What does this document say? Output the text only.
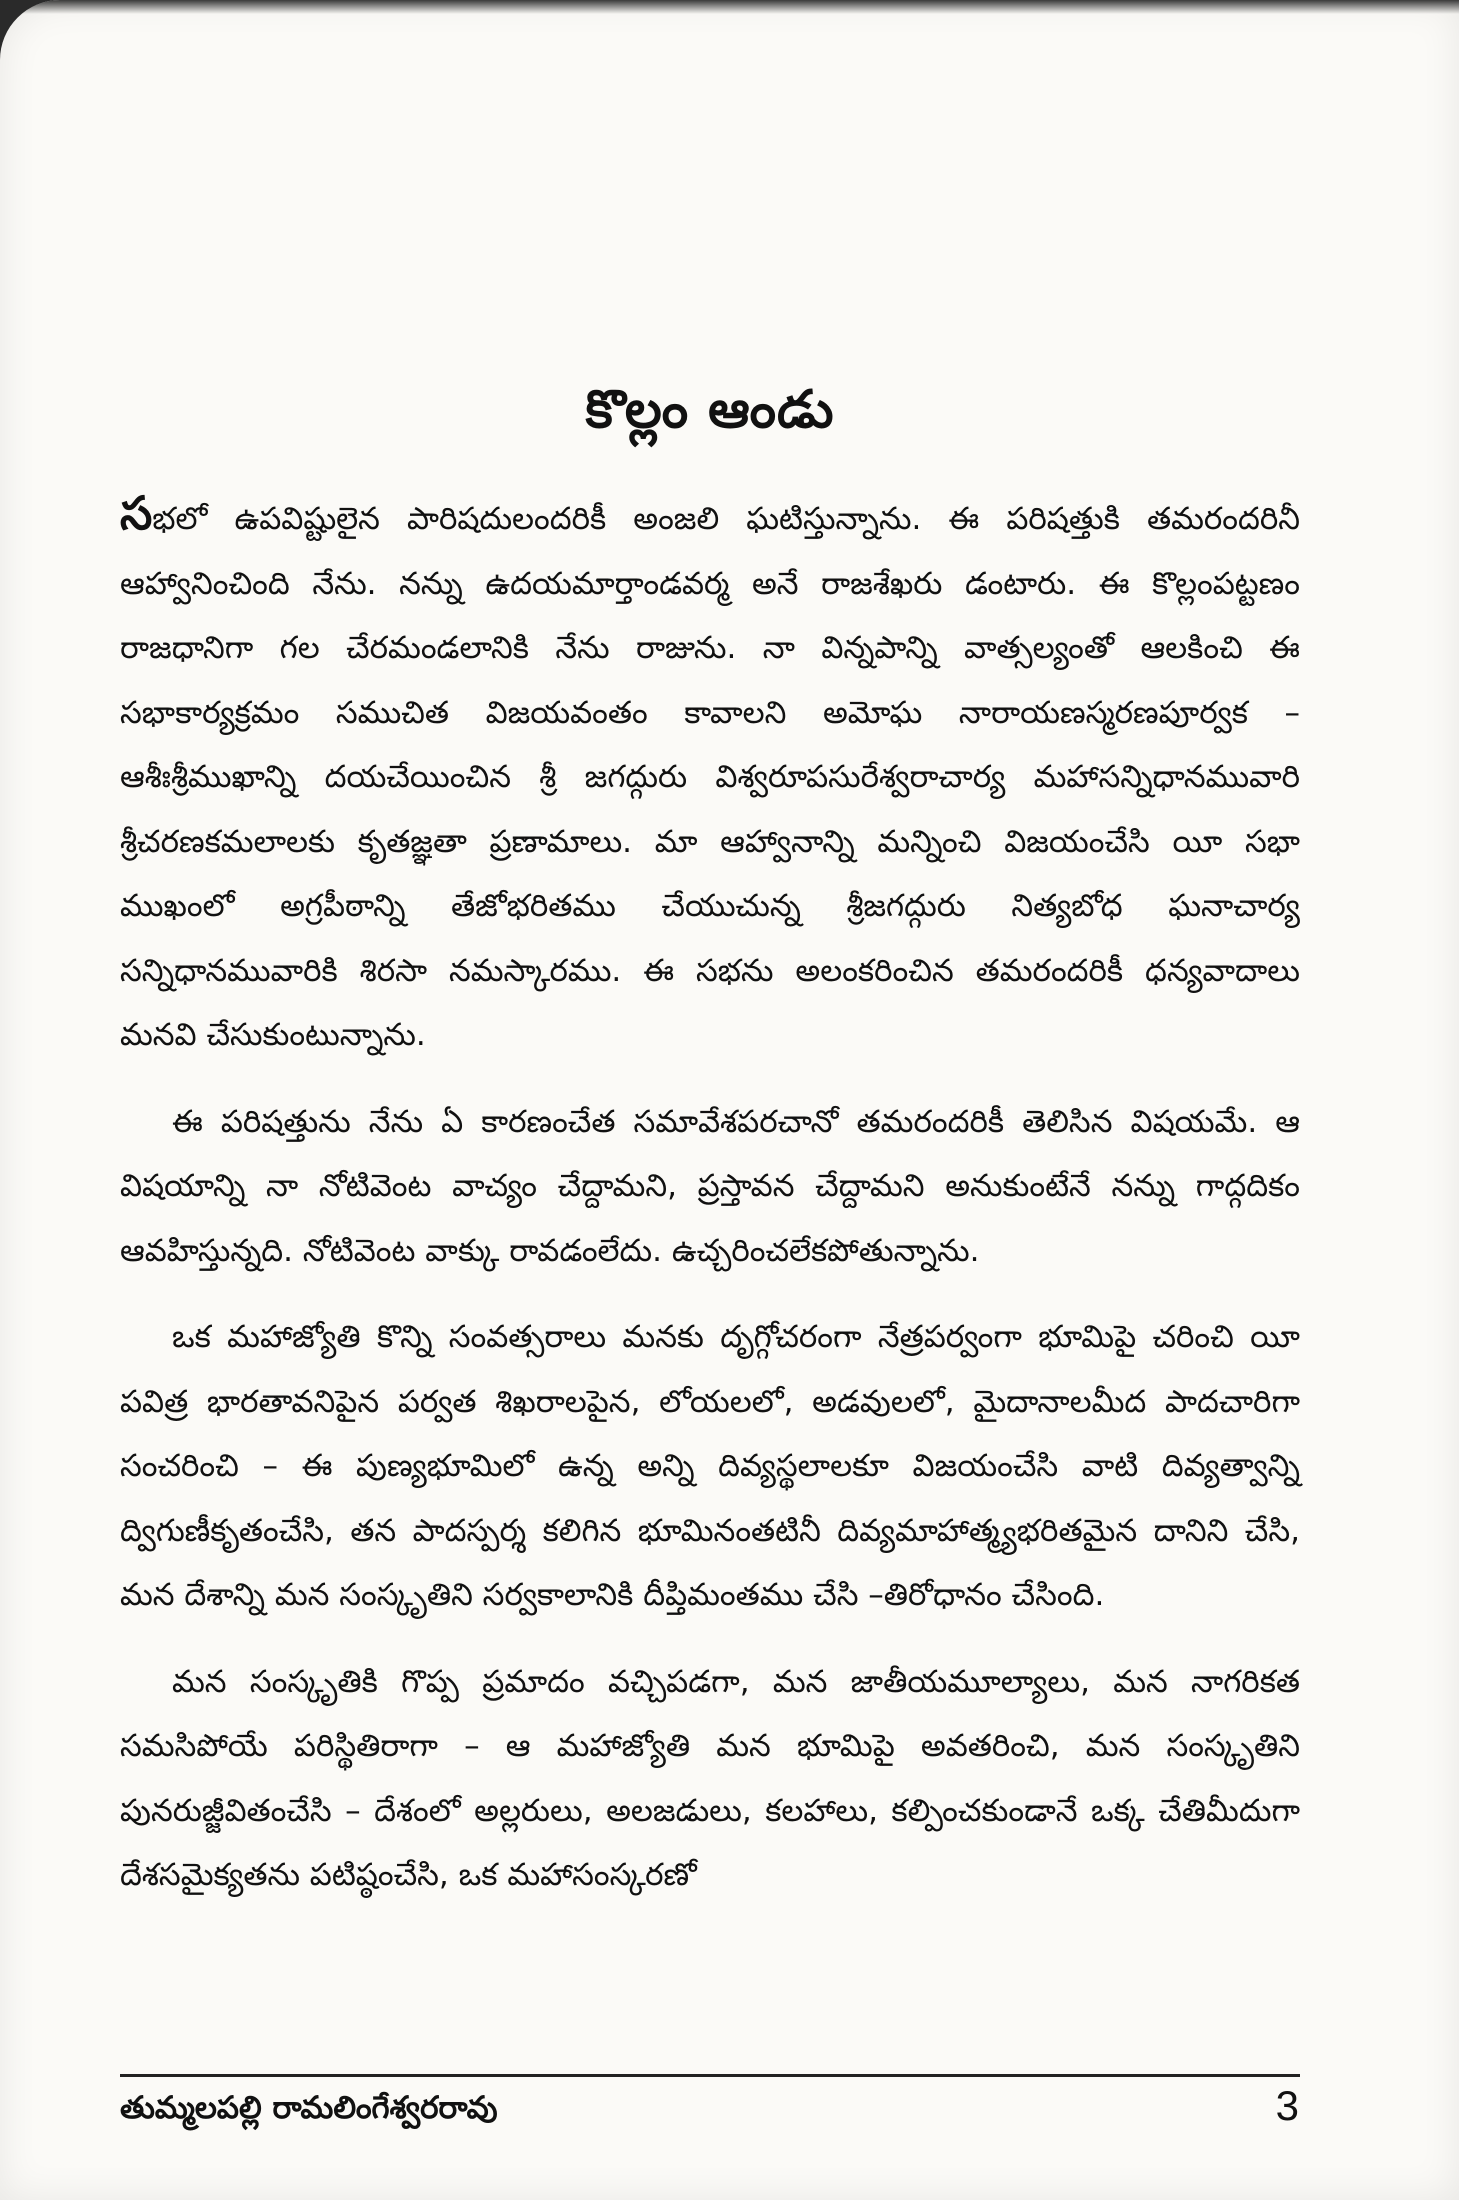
కొల్లం ఆండు

సభలో ఉపవిష్టులైన పారిషదులందరికీ అంజలి ఘటిస్తున్నాను. ఈ పరిషత్తుకి తమరందరినీ ఆహ్వానించింది నేను. నన్ను ఉదయమార్తాండవర్మ అనే రాజశేఖరు డంటారు. ఈ కొల్లంపట్టణం రాజధానిగా గల చేరమండలానికి నేను రాజును. నా విన్నపాన్ని వాత్సల్యంతో ఆలకించి ఈ సభాకార్యక్రమం సముచిత విజయవంతం కావాలని అమోఘ నారాయణస్మరణపూర్వక – ఆశీఃశ్రీముఖాన్ని దయచేయించిన శ్రీ జగద్గురు విశ్వరూపసురేశ్వరాచార్య మహాసన్నిధానమువారి శ్రీచరణకమలాలకు కృతజ్ఞతా ప్రణామాలు. మా ఆహ్వానాన్ని మన్నించి విజయంచేసి యీ సభా ముఖంలో అగ్రపీఠాన్ని తేజోభరితము చేయుచున్న శ్రీజగద్గురు నిత్యబోధ ఘనాచార్య సన్నిధానమువారికి శిరసా నమస్కారము. ఈ సభను అలంకరించిన తమరందరికీ ధన్యవాదాలు మనవి చేసుకుంటున్నాను.

ఈ పరిషత్తును నేను ఏ కారణంచేత సమావేశపరచానో తమరందరికీ తెలిసిన విషయమే. ఆ విషయాన్ని నా నోటివెంట వాచ్యం చేద్దామని, ప్రస్తావన చేద్దామని అనుకుంటేనే నన్ను గాద్గదికం ఆవహిస్తున్నది. నోటివెంట వాక్కు రావడంలేదు. ఉచ్చరించలేకపోతున్నాను.

ఒక మహాజ్యోతి కొన్ని సంవత్సరాలు మనకు దృగ్గోచరంగా నేత్రపర్వంగా భూమిపై చరించి యీ పవిత్ర భారతావనిపైన పర్వత శిఖరాలపైన, లోయలలో, అడవులలో, మైదానాలమీద పాదచారిగా సంచరించి – ఈ పుణ్యభూమిలో ఉన్న అన్ని దివ్యస్థలాలకూ విజయంచేసి వాటి దివ్యత్వాన్ని ద్విగుణీకృతంచేసి, తన పాదస్పర్శ కలిగిన భూమినంతటినీ దివ్యమాహాత్మ్యభరితమైన దానిని చేసి, మన దేశాన్ని మన సంస్కృతిని సర్వకాలానికి దీప్తిమంతము చేసి –తిరోధానం చేసింది.

మన సంస్కృతికి గొప్ప ప్రమాదం వచ్చిపడగా, మన జాతీయమూల్యాలు, మన నాగరికత సమసిపోయే పరిస్థితిరాగా – ఆ మహాజ్యోతి మన భూమిపై అవతరించి, మన సంస్కృతిని పునరుజ్జీవితంచేసి – దేశంలో అల్లరులు, అలజడులు, కలహాలు, కల్పించకుండానే ఒక్క చేతిమీదుగా దేశసమైక్యతను పటిష్ఠంచేసి, ఒక మహాసంస్కరణో

తుమ్మలపల్లి రామలింగేశ్వరరావు	3
